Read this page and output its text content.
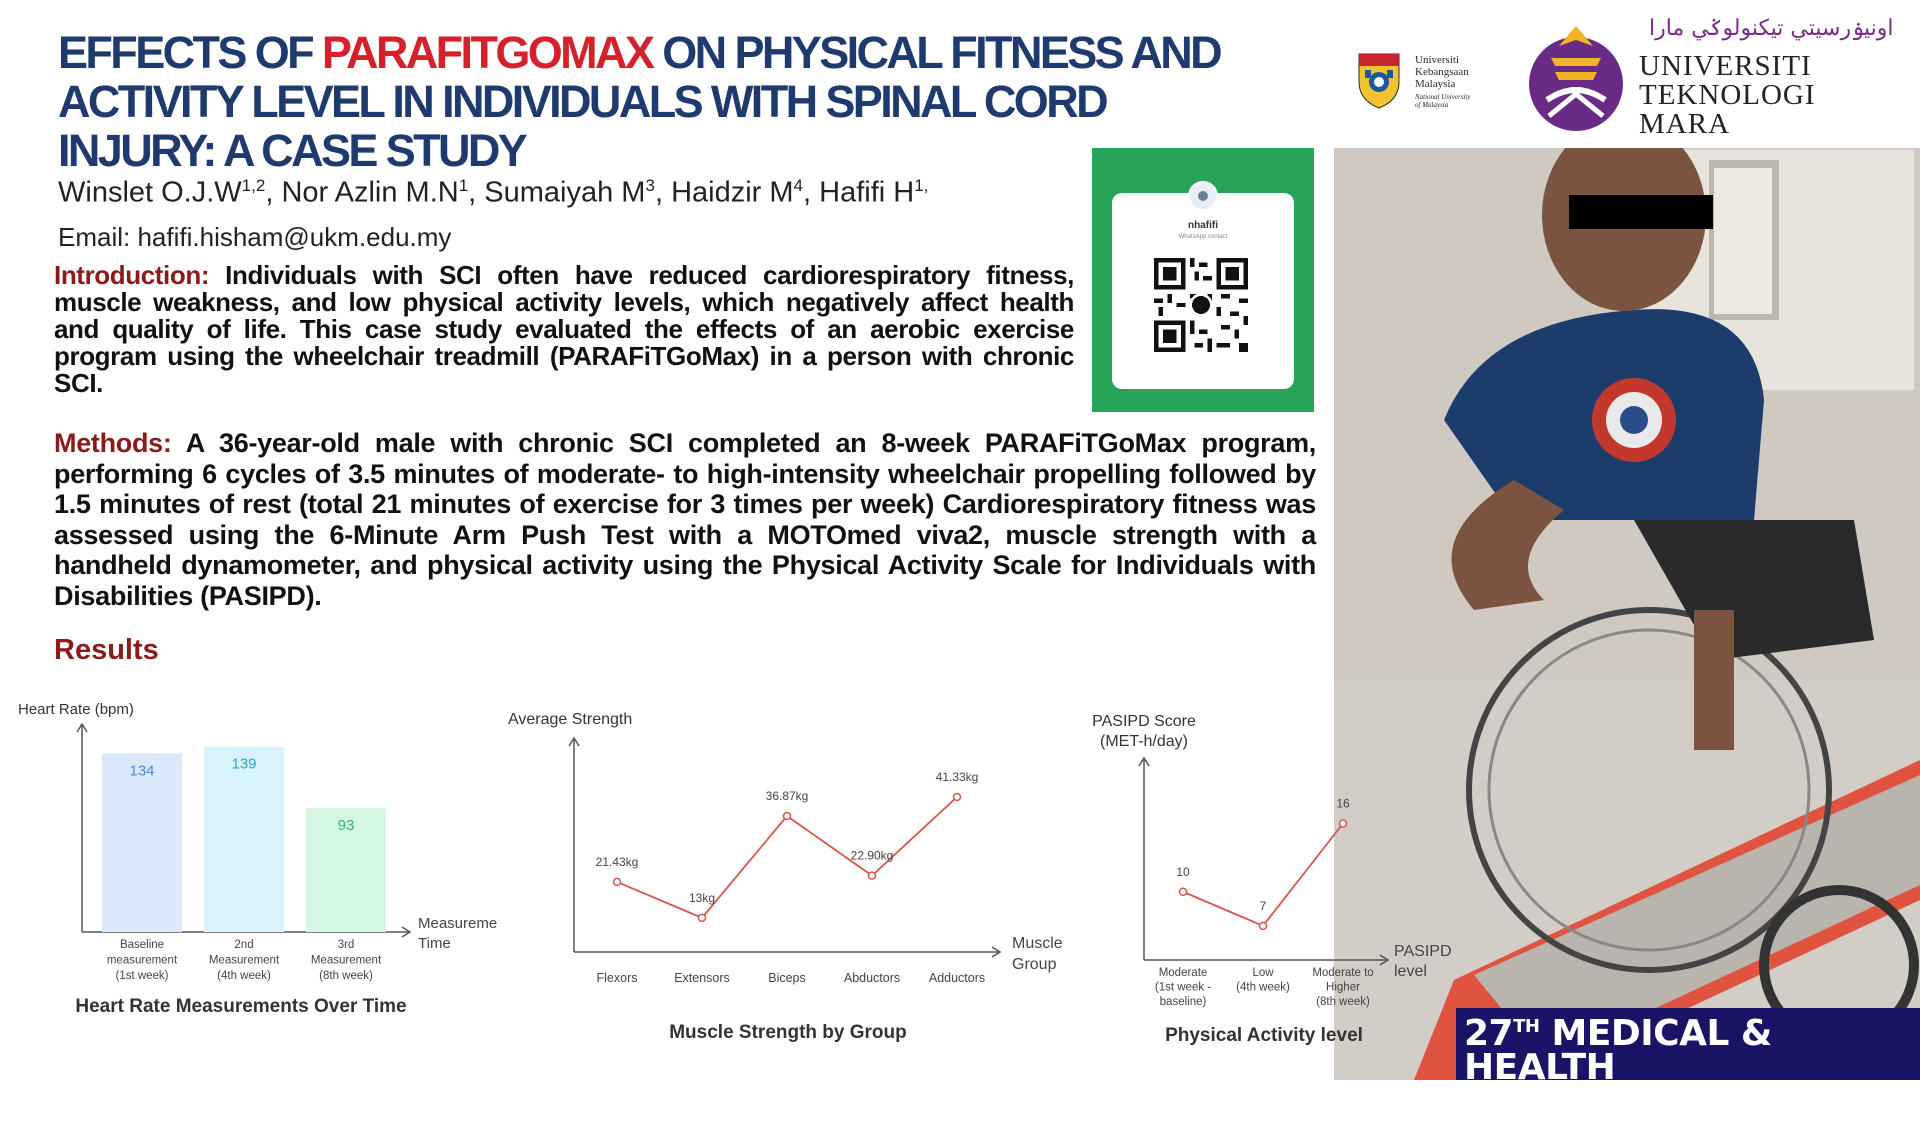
EFFECTS OF PARAFITGOMAX ON PHYSICAL FITNESS AND ACTIVITY LEVEL IN INDIVIDUALS WITH SPINAL CORD INJURY: A CASE STUDY
Winslet $O.J.W^{1,2}$, Nor Azlin $M.N^1$, Sumaiyah $M^3$, Haidzir $M^4$, Hafifi $H^{1,}$
Email: hafifi.hisham@ukm.edu.my	nhafifi
WhatsApp contact
Introduction: Individuals with SCI often have reduced cardiorespiratory fitness, muscle weakness, and low physical activity levels, which negatively affect health and quality of life. This case study evaluated the effects of an aerobic exercise program using the wheelchair treadmill (PARAFiTGoMax) in a person with chronic SCI.
Methods: A 36-year-old male with chronic SCI completed an 8-week PARAFiTGoMax program, performing 6 cycles of 3.5 minutes of moderate- to high-intensity wheelchair propelling followed by 1.5 minutes of rest (total 21 minutes of exercise for 3 times per week) Cardiorespiratory fitness was assessed using the 6-Minute Arm Push Test with a MOTOmed viva2, muscle strength with a handheld dynamometer, and physical activity using the Physical Activity Scale for Individuals with Disabilities (PASIPD).
Results
Universiti
Kebangsaan
Malaysia
National University
of Malaysia
اونيۏرسيتي تيكنولوݢي مارا
UNIVERSITI
TEKNOLOGI
MARA
27TH MEDICAL & HEALTH
RESEARCH WEEK
Heart Rate (bpm)
Measureme
Time
134
Baseline
measurement
(1st week)
139
2nd
Measurement
(4th week)
93
3rd
Measurement
(8th week)
Heart Rate Measurements Over Time
Average Strength
Muscle
Group
21.43kg
Flexors
13kg
Extensors
36.87kg
Biceps
22.90kg
Abductors
41.33kg
Adductors
Muscle Strength by Group
PASIPD Score
(MET-h/day)
PASIPD
level
10
Moderate
(1st week -
baseline)
7
Low
(4th week)
16
Moderate to
Higher
(8th week)
Physical Activity level
